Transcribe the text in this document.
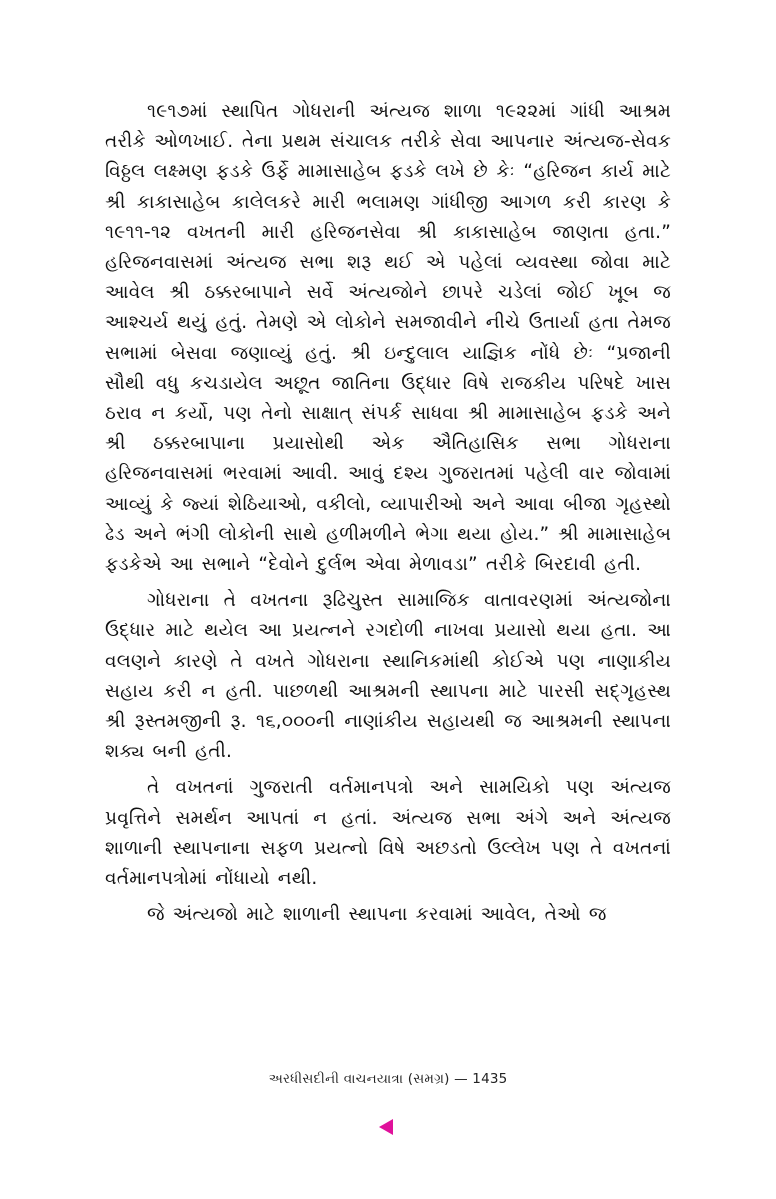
૧૯૧૭માં સ્થાપિત ગોધરાની અંત્યજ શાળા ૧૯૨૨માં ગાંધી આશ્રમ તરીકે ઓળખાઈ. તેના પ્રથમ સંચાલક તરીકે સેવા આપનાર અંત્યજ-સેવક વિઠ્ઠલ લક્ષ્મણ ફડકે ઉર્ફે મામાસાહેબ ફડકે લખે છે કેઃ “હરિજન કાર્ય માટે શ્રી કાકાસાહેબ કાલેલકરે મારી ભલામણ ગાંધીજી આગળ કરી કારણ કે ૧૯૧૧-૧૨ વખતની મારી હરિજનસેવા શ્રી કાકાસાહેબ જાણતા હતા.” હરિજનવાસમાં અંત્યજ સભા શરૂ થઈ એ પહેલાં વ્યવસ્થા જોવા માટે આવેલ શ્રી ઠક્કરબાપાને સર્વે અંત્યજોને છાપરે ચડેલાં જોઈ ખૂબ જ આશ્ચર્ય થયું હતું. તેમણે એ લોકોને સમજાવીને નીચે ઉતાર્યા હતા તેમજ સભામાં બેસવા જણાવ્યું હતું. શ્રી ઇન્દુલાલ યાજ્ઞિક નોંધે છેઃ “પ્રજાની સૌથી વધુ કચડાયેલ અછૂત જાતિના ઉદ્ધાર વિષે રાજકીય પરિષદે ખાસ ઠરાવ ન કર્યો, પણ તેનો સાક્ષાત્ સંપર્ક સાધવા શ્રી મામાસાહેબ ફડકે અને શ્રી ઠક્કરબાપાના પ્રયાસોથી એક ઐતિહાસિક સભા ગોધરાના હરિજનવાસમાં ભરવામાં આવી. આવું દશ્ય ગુજરાતમાં પહેલી વાર જોવામાં આવ્યું કે જ્યાં શેઠિયાઓ, વકીલો, વ્યાપારીઓ અને આવા બીજા ગૃહસ્થો ઢેડ અને ભંગી લોકોની સાથે હળીમળીને ભેગા થયા હોય.” શ્રી મામાસાહેબ ફડકેએ આ સભાને “દેવોને દુર્લભ એવા મેળાવડા” તરીકે બિરદાવી હતી.

ગોધરાના તે વખતના રૂઢિચુસ્ત સામાજિક વાતાવરણમાં અંત્યજોના ઉદ્ધાર માટે થયેલ આ પ્રયત્નને રગદોળી નાખવા પ્રયાસો થયા હતા. આ વલણને કારણે તે વખતે ગોધરાના સ્થાનિકમાંથી કોઈએ પણ નાણાકીય સહાય કરી ન હતી. પાછળથી આશ્રમની સ્થાપના માટે પારસી સદ્ગૃહસ્થ શ્રી રૂસ્તમજીની રૂ. ૧૬,૦૦૦ની નાણાંકીય સહાયથી જ આશ્રમની સ્થાપના શક્ય બની હતી.

તે વખતનાં ગુજરાતી વર્તમાનપત્રો અને સામયિકો પણ અંત્યજ પ્રવૃત્તિને સમર્થન આપતાં ન હતાં. અંત્યજ સભા અંગે અને અંત્યજ શાળાની સ્થાપનાના સફળ પ્રયત્નો વિષે અછડતો ઉલ્લેખ પણ તે વખતનાં વર્તમાનપત્રોમાં નોંધાયો નથી.

જે અંત્યજો માટે શાળાની સ્થાપના કરવામાં આવેલ, તેઓ જ

અરધીસદીની વાચનયાત્રા (સમગ્ર) — 1435
